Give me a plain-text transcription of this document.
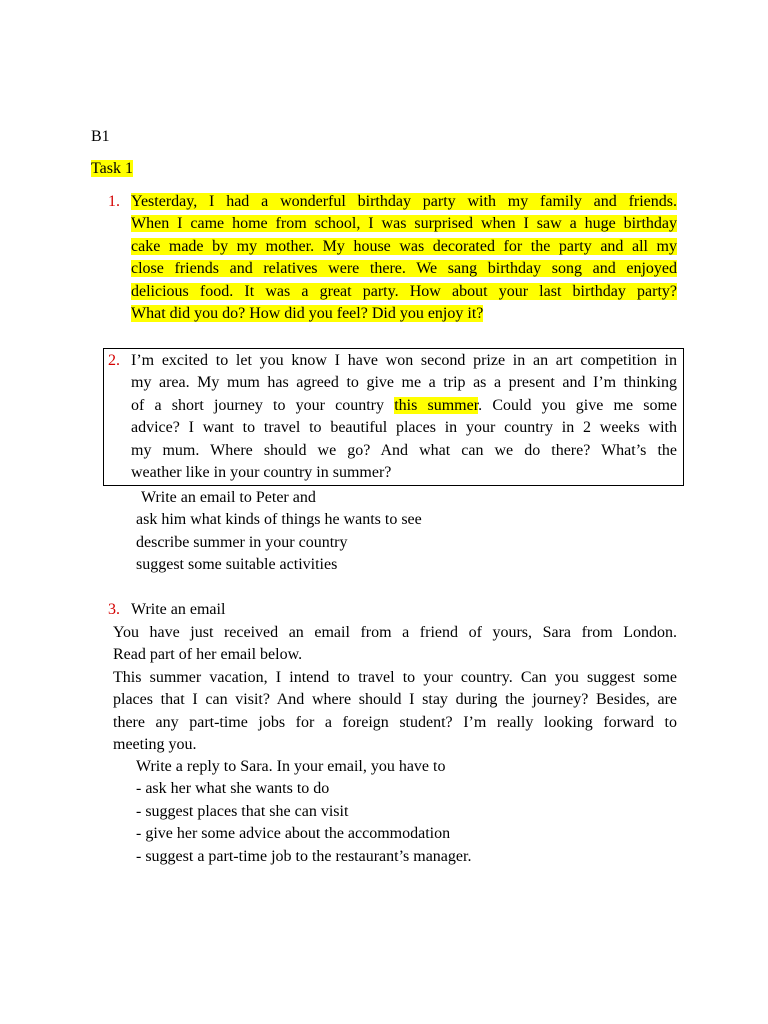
B1
Task 1
1. Yesterday, I had a wonderful birthday party with my family and friends.
When I came home from school, I was surprised when I saw a huge birthday
cake made by my mother. My house was decorated for the party and all my
close friends and relatives were there. We sang birthday song and enjoyed
delicious food. It was a great party. How about your last birthday party?
What did you do? How did you feel? Did you enjoy it?
2. I’m excited to let you know I have won second prize in an art competition in
my area. My mum has agreed to give me a trip as a present and I’m thinking
of a short journey to your country this summer. Could you give me some
advice? I want to travel to beautiful places in your country in 2 weeks with
my mum. Where should we go? And what can we do there? What’s the
weather like in your country in summer?
Write an email to Peter and
ask him what kinds of things he wants to see
describe summer in your country
suggest some suitable activities
3. Write an email
You have just received an email from a friend of yours, Sara from London.
Read part of her email below.
This summer vacation, I intend to travel to your country. Can you suggest some
places that I can visit? And where should I stay during the journey? Besides, are
there any part-time jobs for a foreign student? I’m really looking forward to
meeting you.
Write a reply to Sara. In your email, you have to
- ask her what she wants to do
- suggest places that she can visit
- give her some advice about the accommodation
- suggest a part-time job to the restaurant’s manager.
